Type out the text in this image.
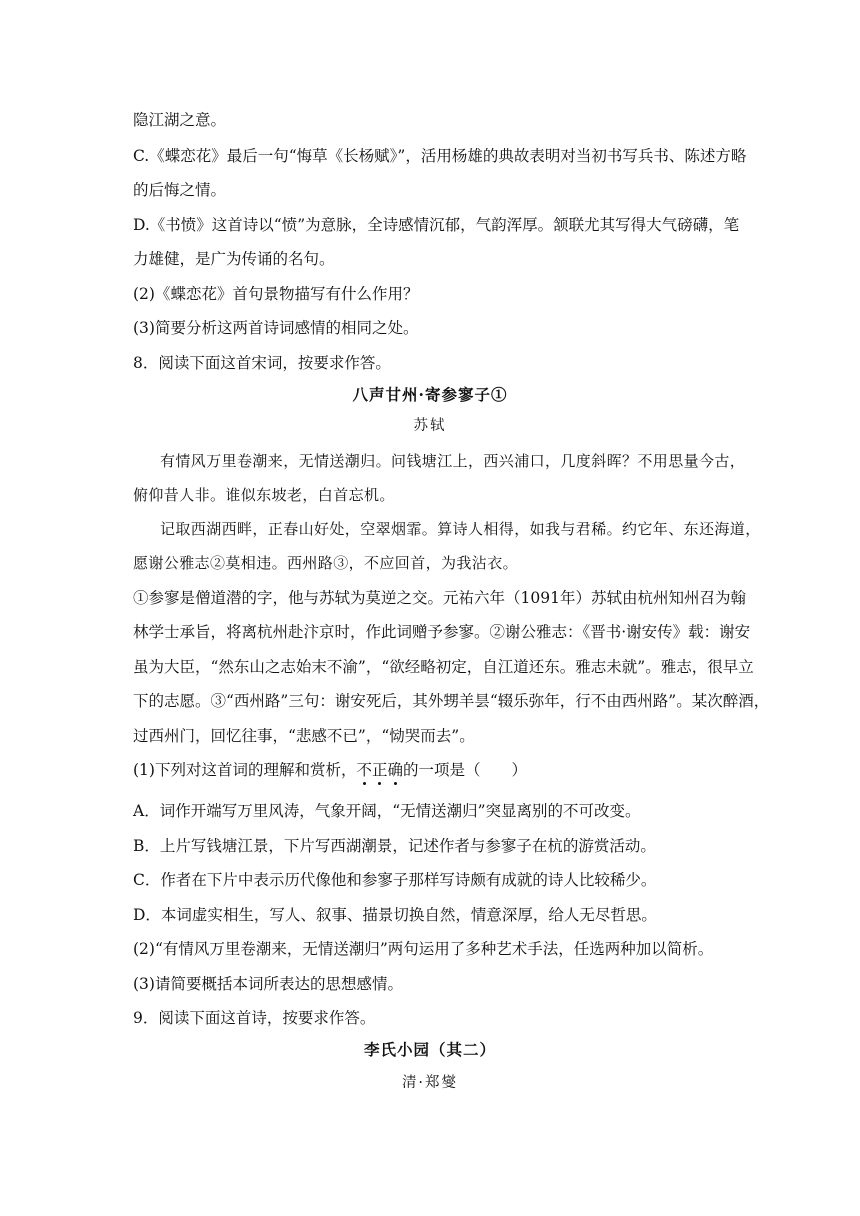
隐江湖之意。
C.《蝶恋花》最后一句“悔草《长杨赋》”，活用杨雄的典故表明对当初书写兵书、陈述方略
的后悔之情。
D.《书愤》这首诗以“愤”为意脉，全诗感情沉郁，气韵浑厚。颔联尤其写得大气磅礴，笔
力雄健，是广为传诵的名句。
(2)《蝶恋花》首句景物描写有什么作用？
(3)简要分析这两首诗词感情的相同之处。
8．阅读下面这首宋词，按要求作答。
八声甘州·寄参寥子①
苏轼
有情风万里卷潮来，无情送潮归。问钱塘江上，西兴浦口，几度斜晖？不用思量今古，
俯仰昔人非。谁似东坡老，白首忘机。
记取西湖西畔，正春山好处，空翠烟霏。算诗人相得，如我与君稀。约它年、东还海道，
愿谢公雅志②莫相违。西州路③，不应回首，为我沾衣。
①参寥是僧道潜的字，他与苏轼为莫逆之交。元祐六年（1091年）苏轼由杭州知州召为翰
林学士承旨，将离杭州赴汴京时，作此词赠予参寥。②谢公雅志：《晋书·谢安传》载：谢安
虽为大臣，“然东山之志始末不渝”，“欲经略初定，自江道还东。雅志未就”。雅志，很早立
下的志愿。③“西州路”三句：谢安死后，其外甥羊昙“辍乐弥年，行不由西州路”。某次醉酒，
过西州门，回忆往事，“悲感不已”，“恸哭而去”。
(1)下列对这首词的理解和赏析，不正确的一项是（　　）
A．词作开端写万里风涛，气象开阔，“无情送潮归”突显离别的不可改变。
B．上片写钱塘江景，下片写西湖潮景，记述作者与参寥子在杭的游赏活动。
C．作者在下片中表示历代像他和参寥子那样写诗颇有成就的诗人比较稀少。
D．本词虚实相生，写人、叙事、描景切换自然，情意深厚，给人无尽哲思。
(2)“有情风万里卷潮来，无情送潮归”两句运用了多种艺术手法，任选两种加以简析。
(3)请简要概括本词所表达的思想感情。
9．阅读下面这首诗，按要求作答。
李氏小园（其二）
清·郑燮
